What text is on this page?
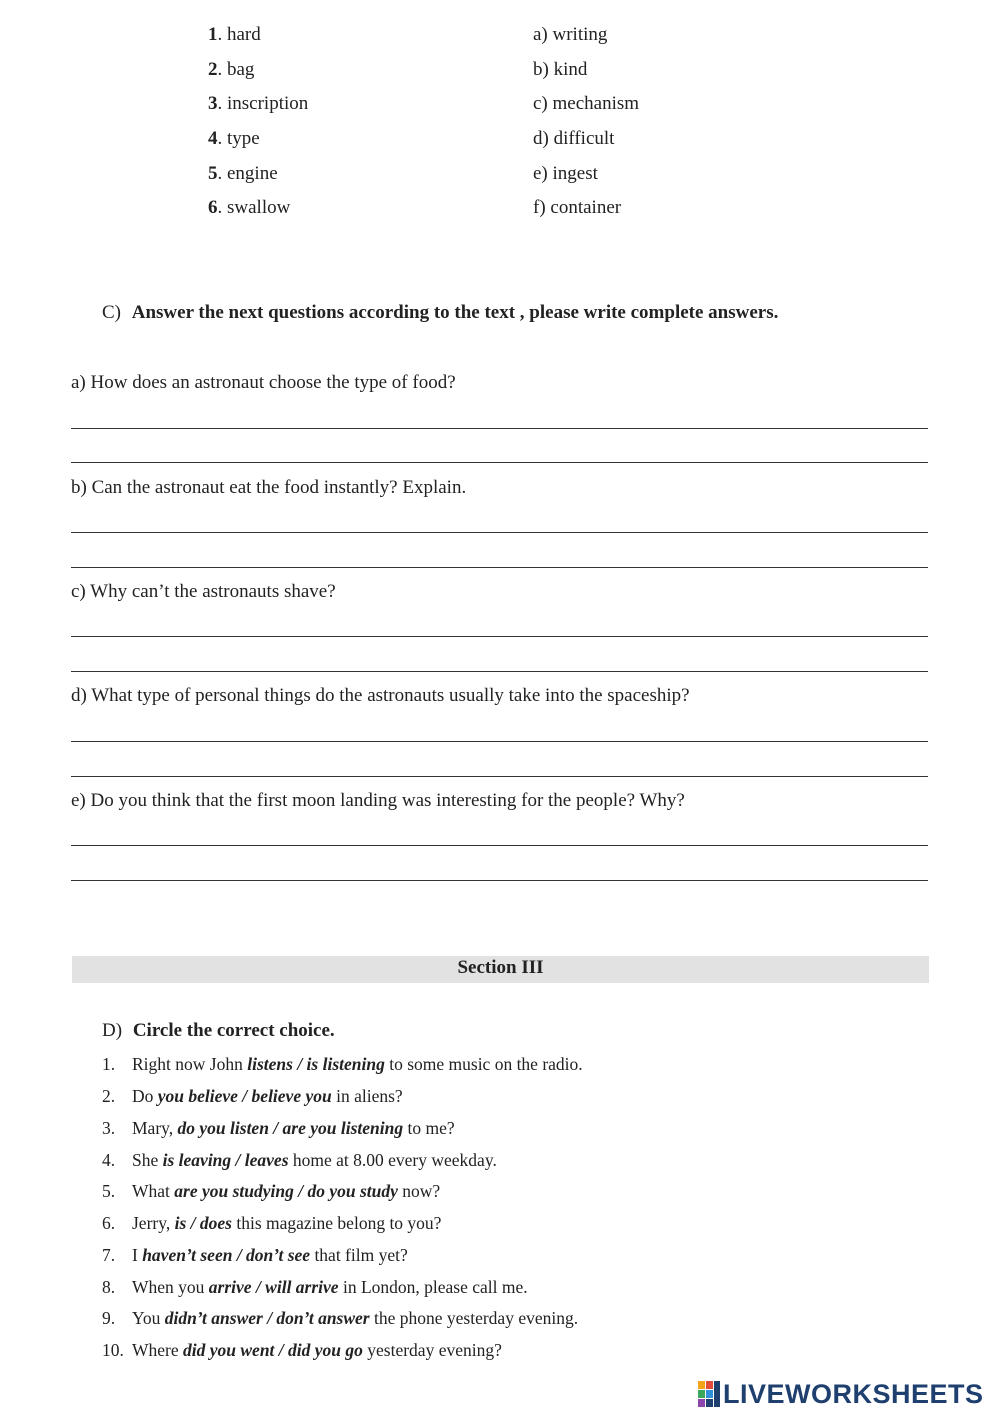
1. hard	a) writing
2. bag	b) kind
3. inscription	c) mechanism
4. type	d) difficult
5. engine	e) ingest
6. swallow	f) container
C) Answer the next questions according to the text , please write complete answers.
a) How does an astronaut choose the type of food?
b) Can the astronaut eat the food instantly? Explain.
c) Why can’t the astronauts shave?
d) What type of personal things do the astronauts usually take into the spaceship?
e) Do you think that the first moon landing was interesting for the people? Why?
Section III
D) Circle the correct choice.
1. Right now John listens / is listening to some music on the radio.
2. Do you believe / believe you in aliens?
3. Mary, do you listen / are you listening to me?
4. She is leaving / leaves home at 8.00 every weekday.
5. What are you studying / do you study now?
6. Jerry, is / does this magazine belong to you?
7. I haven’t seen / don’t see that film yet?
8. When you arrive / will arrive in London, please call me.
9. You didn’t answer / don’t answer the phone yesterday evening.
10. Where did you went / did you go yesterday evening?
LIVEWORKSHEETS
